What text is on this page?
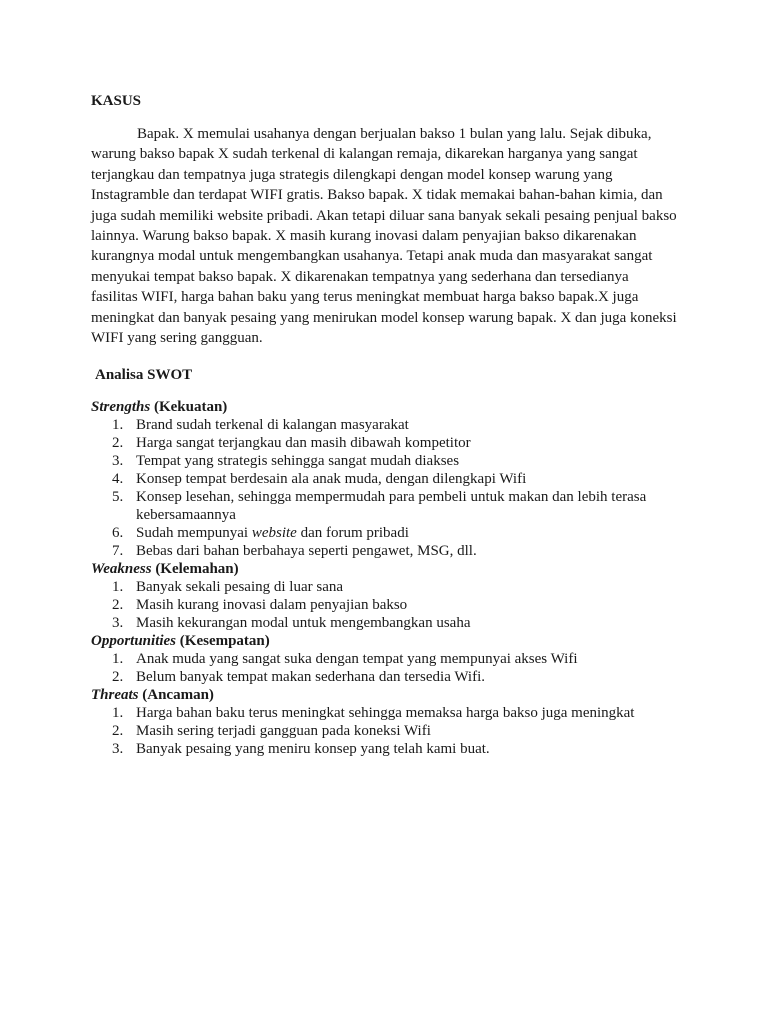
KASUS

Bapak. X memulai usahanya dengan berjualan bakso 1 bulan yang lalu. Sejak dibuka, warung bakso bapak X sudah terkenal di kalangan remaja, dikarekan harganya yang sangat terjangkau dan tempatnya juga strategis dilengkapi dengan model konsep warung yang Instagramble dan terdapat WIFI gratis. Bakso bapak. X tidak memakai bahan-bahan kimia, dan juga sudah memiliki website pribadi. Akan tetapi diluar sana banyak sekali pesaing penjual bakso lainnya. Warung bakso bapak. X masih kurang inovasi dalam penyajian bakso dikarenakan kurangnya modal untuk mengembangkan usahanya. Tetapi anak muda dan masyarakat sangat menyukai tempat bakso bapak. X dikarenakan tempatnya yang sederhana dan tersedianya fasilitas WIFI, harga bahan baku yang terus meningkat membuat harga bakso bapak.X juga meningkat dan banyak pesaing yang menirukan model konsep warung bapak. X dan juga koneksi WIFI yang sering gangguan.

Analisa SWOT

Strengths (Kekuatan)

1. Brand sudah terkenal di kalangan masyarakat
2. Harga sangat terjangkau dan masih dibawah kompetitor
3. Tempat yang strategis sehingga sangat mudah diakses
4. Konsep tempat berdesain ala anak muda, dengan dilengkapi Wifi
5. Konsep lesehan, sehingga mempermudah para pembeli untuk makan dan lebih terasa kebersamaannya
6. Sudah mempunyai website dan forum pribadi
7. Bebas dari bahan berbahaya seperti pengawet, MSG, dll.

Weakness (Kelemahan)

1. Banyak sekali pesaing di luar sana
2. Masih kurang inovasi dalam penyajian bakso
3. Masih kekurangan modal untuk mengembangkan usaha

Opportunities (Kesempatan)

1. Anak muda yang sangat suka dengan tempat yang mempunyai akses Wifi
2. Belum banyak tempat makan sederhana dan tersedia Wifi.

Threats (Ancaman)

1. Harga bahan baku terus meningkat sehingga memaksa harga bakso juga meningkat
2. Masih sering terjadi gangguan pada koneksi Wifi
3. Banyak pesaing yang meniru konsep yang telah kami buat.
